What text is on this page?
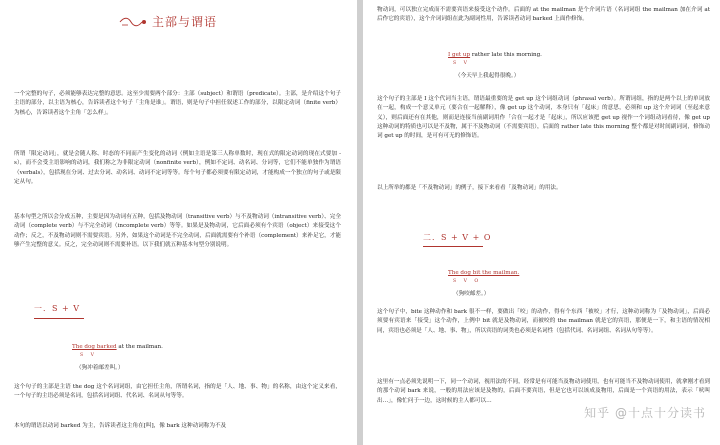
主部与谓语

一个完整的句子，必须能够表达完整的意思。这至少需要两个部分：主部（subject）和谓语（predicate）。主部，是介绍这个句子主语的部分，以主语为核心，告诉读者这个句子「主角是谁」。谓语，则是句子中担任叙述工作的部分，以限定动词（finite verb）为核心，告诉读者这个主角「怎么样」。

所谓「限定动词」，就是会随人称、时态的不同而产生变化的动词（例如主语是第三人称单数时，现在式的限定动词的现在式要加 -s），而不会受主语影响的动词，我们称之为非限定动词（nonfinite verb），例如不定词、动名词、分词等，它们不能单独作为谓语（verbals），包括现在分词、过去分词、动名词、动词不定词等等。每个句子都必须要有限定动词，才能构成一个独立的句子或是限定从句。

基本句型之所以会分成五种，主要是因为动词有五种，包括及物动词（transitive verb）与不及物动词（intransitive verb）、完全动词（complete verb）与不完全动词（incomplete verb）等等。如果是及物动词，它后面必须有个宾语（object）来接受这个动作；反之，不及物动词则不需要宾语。另外，如果这个动词是不完全动词，后面就需要有个补语（complement）来补足它，才能够产生完整的意义。反之，完全动词则不需要补语。以下我们就五种基本句型分别说明。

一．S + V
The dog barked at the mailman.
S V
（狗冲着邮差叫。）

这个句子的主部是主语 the dog 这个名词词组，由它担任主角，所谓名词，指的是「人、地、事、物」的名称，由这个定义来看，一个句子的主语必须是名词，包括名词词组、代名词、名词从句等等。

本句的谓语以动词 barked 为主，告诉读者这主角在[叫]，像 bark 这种动词称为不及

物动词，可以独立完成而不需要宾语来接受这个动作。后面的 at the mailman 是个介词片语（名词词组 the mailman 加在介词 at 后作它的宾语），这个介词词组在此为副词性用，告诉读者动词 barked 上面作修饰。

I get up rather late this morning.
S V
（今天早上我起得很晚。）

这个句子的主部是 I 这个代词当主语，谓语最重要的是 get up 这个词组动词（phrasal verb）。所谓词组，指的是两个以上的单词放在一起，构成一个意义单元（要合在一起解释），像 get up 这个动词，本身只有「起床」的意思，必须和 up 这个介词词（至起来意义），则后面还有在其他，则而是连接当前副词用作「合在一起才是「起床」，所以应该把 get up 视作一个词组动词看待，像 get up 这种动词的特质也可以是不及物，属于不及物动词（不需要宾语），后面的 rather late this morning 整个都是对时间副词词，修饰动词 get up 的时间，是可有可无的修饰语。

以上所举的都是「不及物动词」的例子，接下来看看「及物动词」的用法。

二．S + V + O
The dog bit the mailman.
S V O
（狗咬邮差。）

这个句子中，bite 这种动作和 bark 很不一样，要做出「咬」的动作，得有个东西「被咬」才行，这种动词称为「及物动词」，后面必须要有宾语来「接受」这个动作，上例中 bit 就是及物动词，而被咬的 the mailman 就是它的宾语，那便是一下，和主语的情况相同，宾语也必须是「人、地、事、物」，所以宾语的词类也必须是名词性（包括代词、名词词组、名词从句等等）。

这里有一点必须先说明一下，同一个动词，视用法的不同，经常是有可能当及物动词使用，也有可能当不及物动词使用，就拿刚才看到的那个动词 bark 来说，一般的用法应该是及物的，后面不要宾语，但是它也可以该成及物用，后面是一个宾语的用法，表示「吠叫出…」，像忙问于一边，这时候的主人都可以…

知乎 @十点十分读书
